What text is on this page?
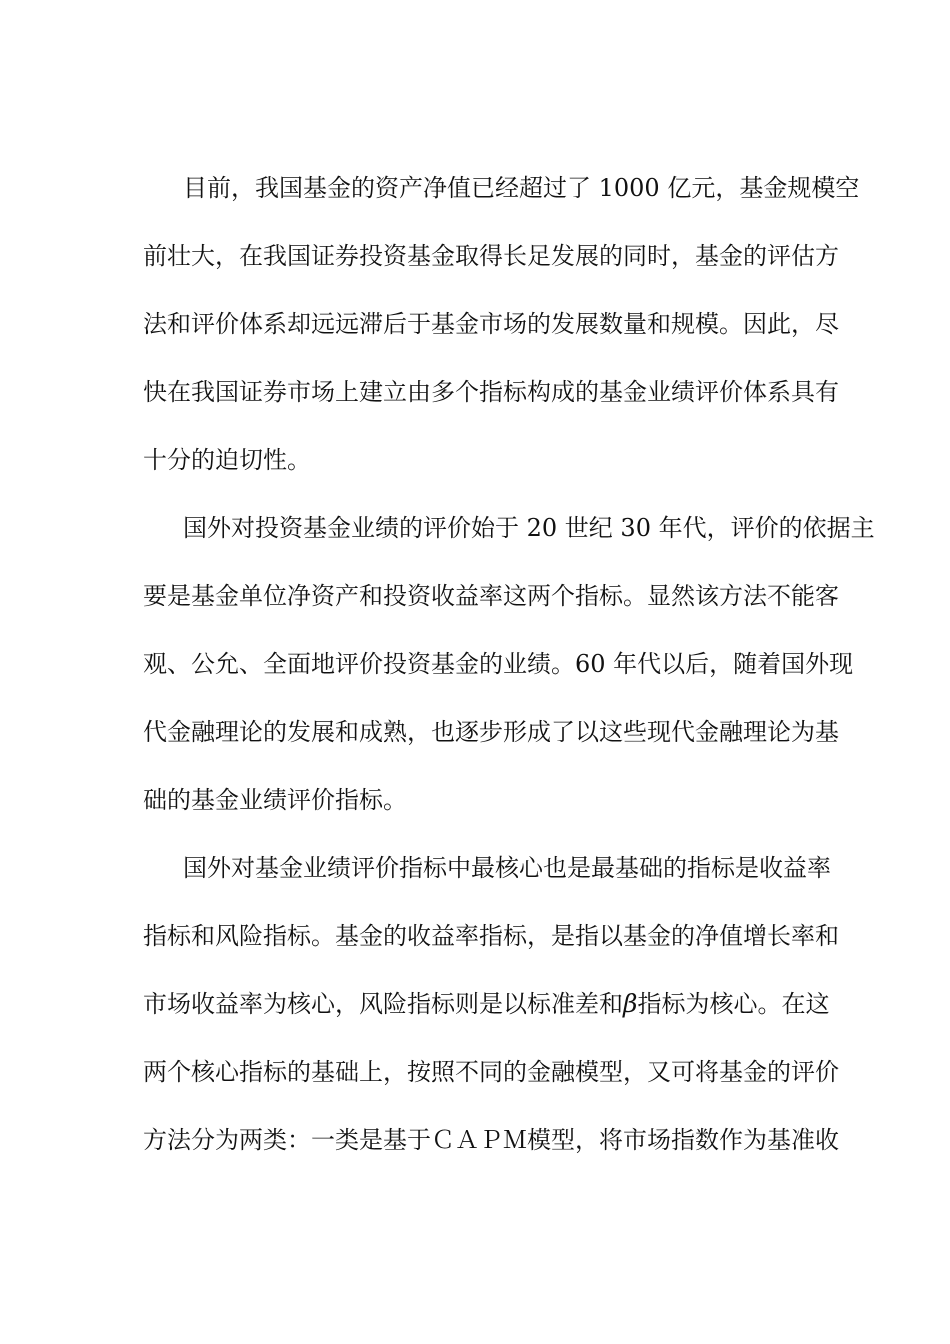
目前，我国基金的资产净值已经超过了 1000 亿元，基金规模空
前壮大，在我国证券投资基金取得长足发展的同时，基金的评估方
法和评价体系却远远滞后于基金市场的发展数量和规模。因此，尽
快在我国证券市场上建立由多个指标构成的基金业绩评价体系具有
十分的迫切性。
国外对投资基金业绩的评价始于 20 世纪 30 年代，评价的依据主
要是基金单位净资产和投资收益率这两个指标。显然该方法不能客
观、公允、全面地评价投资基金的业绩。60 年代以后，随着国外现
代金融理论的发展和成熟，也逐步形成了以这些现代金融理论为基
础的基金业绩评价指标。
国外对基金业绩评价指标中最核心也是最基础的指标是收益率
指标和风险指标。基金的收益率指标，是指以基金的净值增长率和
市场收益率为核心，风险指标则是以标准差和β指标为核心。在这
两个核心指标的基础上，按照不同的金融模型，又可将基金的评价
方法分为两类：一类是基于ＣＡＰＭ模型，将市场指数作为基准收
